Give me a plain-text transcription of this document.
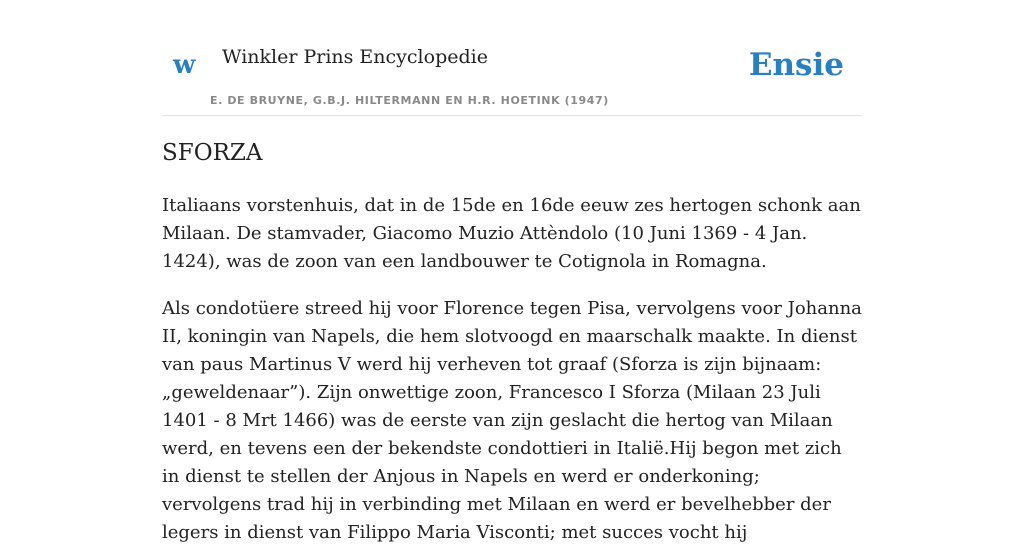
w Winkler Prins Encyclopedie
E. DE BRUYNE, G.B.J. HILTERMANN EN H.R. HOETINK (1947)
Ensie
SFORZA

Italiaans vorstenhuis, dat in de 15de en 16de eeuw zes hertogen schonk aan Milaan. De stamvader, Giacomo Muzio Attèndolo (10 Juni 1369 - 4 Jan. 1424), was de zoon van een landbouwer te Cotignola in Romagna.

Als condotüere streed hij voor Florence tegen Pisa, vervolgens voor Johanna II, koningin van Napels, die hem slotvoogd en maarschalk maakte. In dienst van paus Martinus V werd hij verheven tot graaf (Sforza is zijn bijnaam: „geweldenaar”). Zijn onwettige zoon, Francesco I Sforza (Milaan 23 Juli 1401 - 8 Mrt 1466) was de eerste van zijn geslacht die hertog van Milaan werd, en tevens een der bekendste condottieri in Italië.Hij begon met zich in dienst te stellen der Anjous in Napels en werd er onderkoning; vervolgens trad hij in verbinding met Milaan en werd er bevelhebber der legers in dienst van Filippo Maria Visconti; met succes vocht hij
